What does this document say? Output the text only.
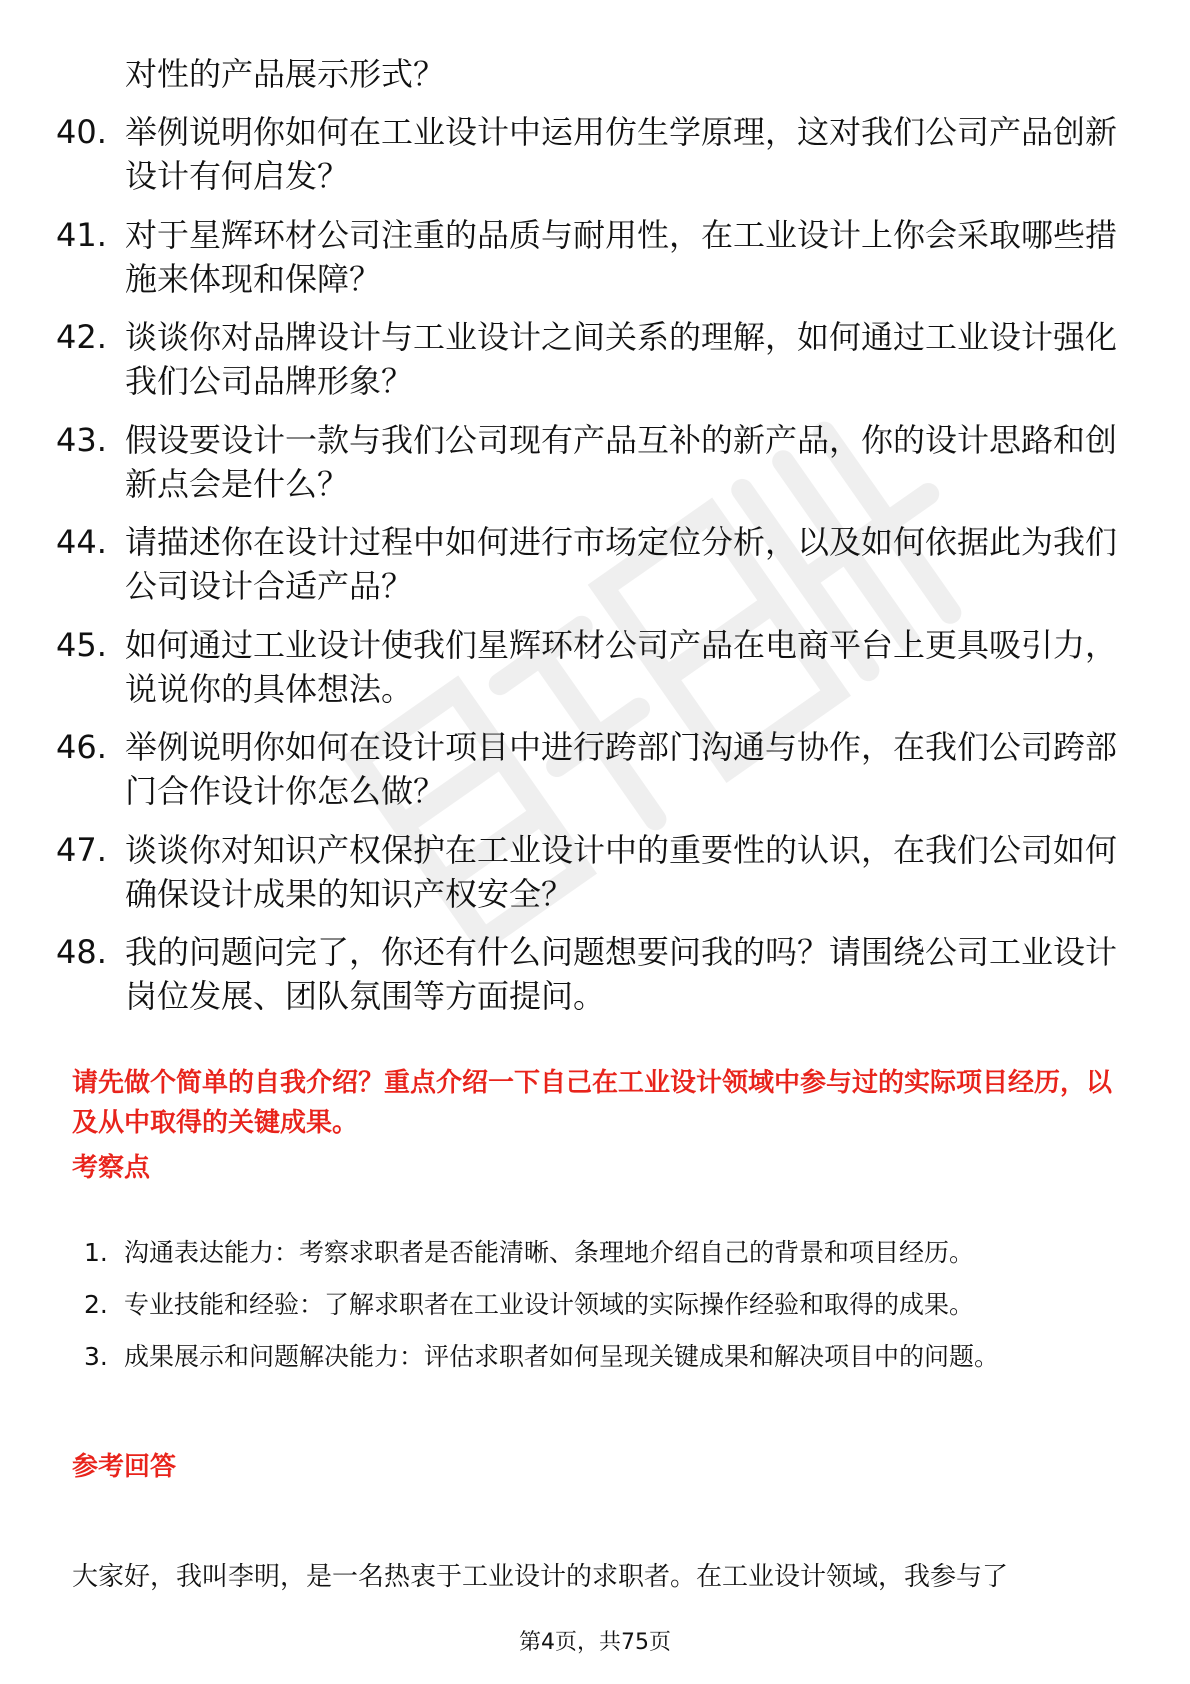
对性的产品展示形式？
40. 举例说明你如何在工业设计中运用仿生学原理，这对我们公司产品创新设计有何启发？
41. 对于星辉环材公司注重的品质与耐用性，在工业设计上你会采取哪些措施来体现和保障？
42. 谈谈你对品牌设计与工业设计之间关系的理解，如何通过工业设计强化我们公司品牌形象？
43. 假设要设计一款与我们公司现有产品互补的新产品，你的设计思路和创新点会是什么？
44. 请描述你在设计过程中如何进行市场定位分析，以及如何依据此为我们公司设计合适产品？
45. 如何通过工业设计使我们星辉环材公司产品在电商平台上更具吸引力，说说你的具体想法。
46. 举例说明你如何在设计项目中进行跨部门沟通与协作，在我们公司跨部门合作设计你怎么做？
47. 谈谈你对知识产权保护在工业设计中的重要性的认识，在我们公司如何确保设计成果的知识产权安全？
48. 我的问题问完了，你还有什么问题想要问我的吗？请围绕公司工业设计岗位发展、团队氛围等方面提问。
请先做个简单的自我介绍？重点介绍一下自己在工业设计领域中参与过的实际项目经历，以及从中取得的关键成果。
考察点
1. 沟通表达能力：考察求职者是否能清晰、条理地介绍自己的背景和项目经历。
2. 专业技能和经验：了解求职者在工业设计领域的实际操作经验和取得的成果。
3. 成果展示和问题解决能力：评估求职者如何呈现关键成果和解决项目中的问题。
参考回答
大家好，我叫李明，是一名热衷于工业设计的求职者。在工业设计领域，我参与了
第4页，共75页
